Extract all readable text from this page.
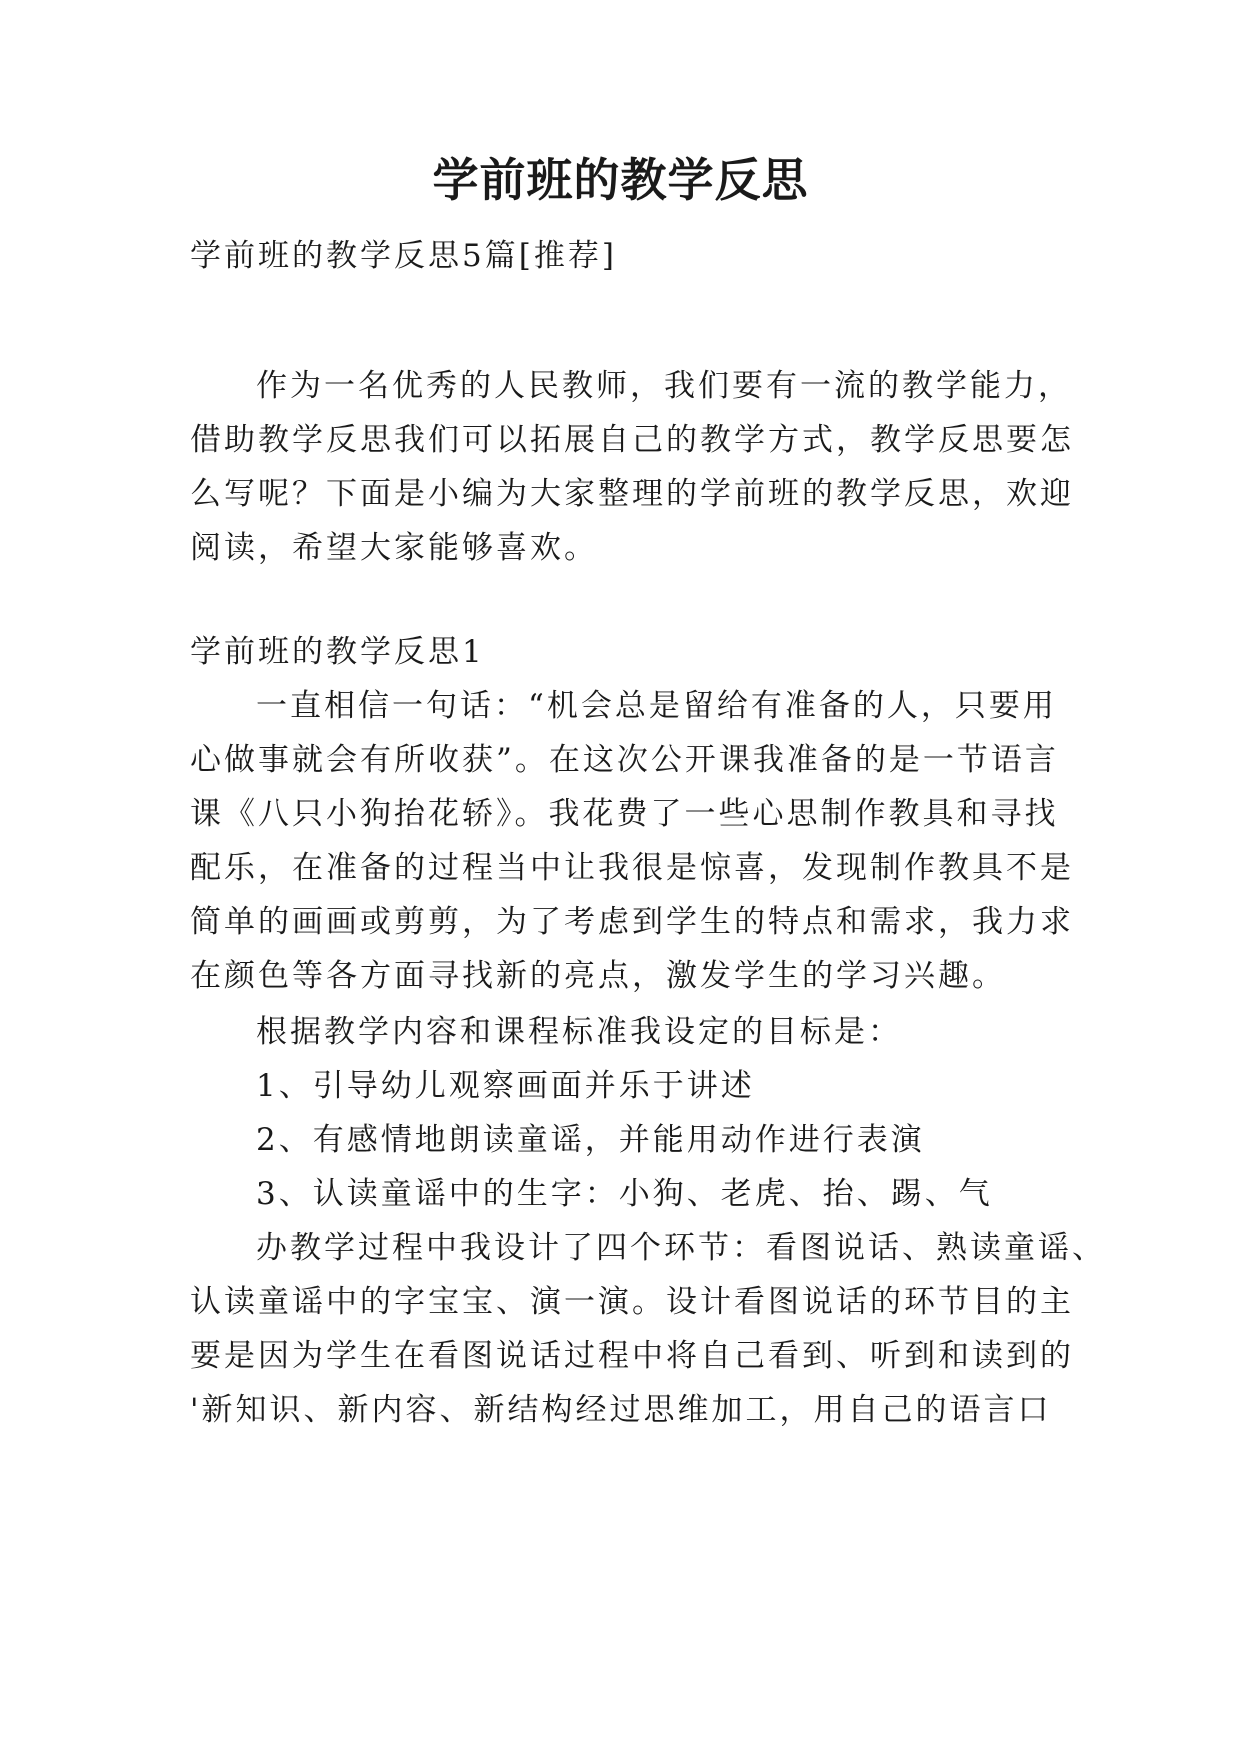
学前班的教学反思
学前班的教学反思5篇[推荐]
作为一名优秀的人民教师，我们要有一流的教学能力，
借助教学反思我们可以拓展自己的教学方式，教学反思要怎
么写呢？下面是小编为大家整理的学前班的教学反思，欢迎
阅读，希望大家能够喜欢。
学前班的教学反思1
一直相信一句话：“机会总是留给有准备的人，只要用
心做事就会有所收获”。在这次公开课我准备的是一节语言
课《八只小狗抬花轿》。我花费了一些心思制作教具和寻找
配乐，在准备的过程当中让我很是惊喜，发现制作教具不是
简单的画画或剪剪，为了考虑到学生的特点和需求，我力求
在颜色等各方面寻找新的亮点，激发学生的学习兴趣。
根据教学内容和课程标准我设定的目标是：
1、引导幼儿观察画面并乐于讲述
2、有感情地朗读童谣，并能用动作进行表演
3、认读童谣中的生字：小狗、老虎、抬、踢、气
办教学过程中我设计了四个环节：看图说话、熟读童谣、
认读童谣中的字宝宝、演一演。设计看图说话的环节目的主
要是因为学生在看图说话过程中将自己看到、听到和读到的
'新知识、新内容、新结构经过思维加工，用自己的语言口
